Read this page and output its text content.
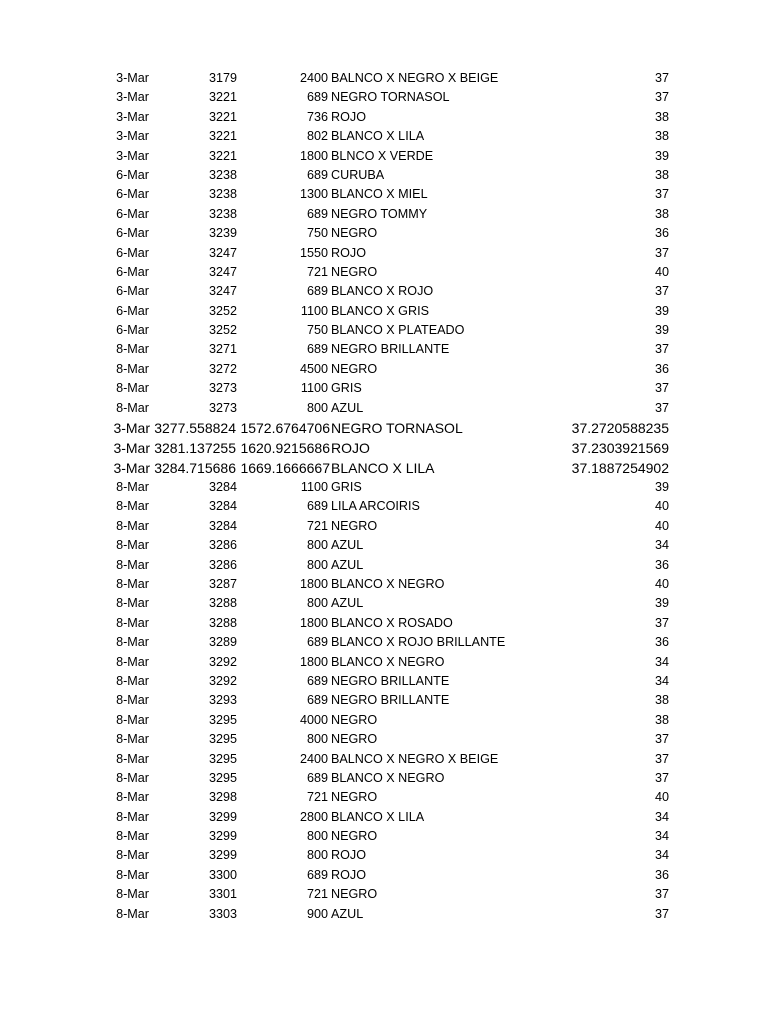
3-Mar	3179	2400 BALNCO X NEGRO X BEIGE	37
3-Mar	3221	689 NEGRO TORNASOL	37
3-Mar	3221	736 ROJO	38
3-Mar	3221	802 BLANCO X LILA	38
3-Mar	3221	1800 BLNCO X VERDE	39
6-Mar	3238	689 CURUBA	38
6-Mar	3238	1300 BLANCO X MIEL	37
6-Mar	3238	689 NEGRO TOMMY	38
6-Mar	3239	750 NEGRO	36
6-Mar	3247	1550 ROJO	37
6-Mar	3247	721 NEGRO	40
6-Mar	3247	689 BLANCO X ROJO	37
6-Mar	3252	1100 BLANCO X GRIS	39
6-Mar	3252	750 BLANCO X PLATEADO	39
8-Mar	3271	689 NEGRO BRILLANTE	37
8-Mar	3272	4500 NEGRO	36
8-Mar	3273	1100 GRIS	37
8-Mar	3273	800 AZUL	37
3-Mar 3277.558824 1572.6764706 NEGRO TORNASOL	37.2720588235
3-Mar 3281.137255 1620.9215686 ROJO	37.2303921569
3-Mar 3284.715686 1669.1666667 BLANCO X LILA	37.1887254902
8-Mar	3284	1100 GRIS	39
8-Mar	3284	689 LILA ARCOIRIS	40
8-Mar	3284	721 NEGRO	40
8-Mar	3286	800 AZUL	34
8-Mar	3286	800 AZUL	36
8-Mar	3287	1800 BLANCO X NEGRO	40
8-Mar	3288	800 AZUL	39
8-Mar	3288	1800 BLANCO X ROSADO	37
8-Mar	3289	689 BLANCO X ROJO BRILLANTE	36
8-Mar	3292	1800 BLANCO X NEGRO	34
8-Mar	3292	689 NEGRO BRILLANTE	34
8-Mar	3293	689 NEGRO BRILLANTE	38
8-Mar	3295	4000 NEGRO	38
8-Mar	3295	800 NEGRO	37
8-Mar	3295	2400 BALNCO X NEGRO X BEIGE	37
8-Mar	3295	689 BLANCO X NEGRO	37
8-Mar	3298	721 NEGRO	40
8-Mar	3299	2800 BLANCO X LILA	34
8-Mar	3299	800 NEGRO	34
8-Mar	3299	800 ROJO	34
8-Mar	3300	689 ROJO	36
8-Mar	3301	721 NEGRO	37
8-Mar	3303	900 AZUL	37
